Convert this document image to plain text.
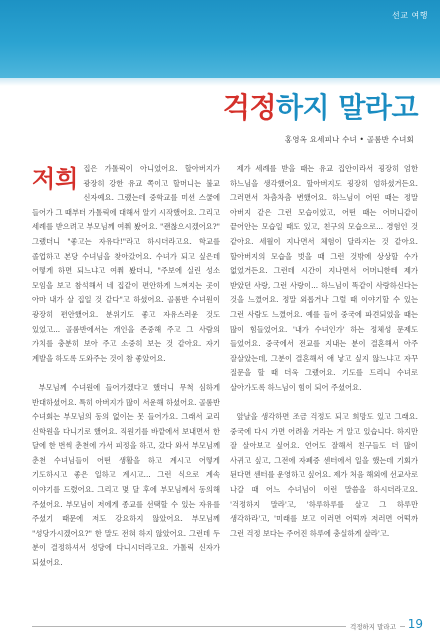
선교 여행
걱정하지 말라고
홍영옥 요세피나 수녀 • 골롬반 수녀회

저희 집은 가톨릭이 아니었어요. 할아버지가 광장히 강한 유교 쪽이고 할머니는 불교 신자예요. 그랬는데 중학교를 미션 스쿨에 들어가 그 때부터 가톨릭에 대해서 알기 시작했어요. 그리고 세례를 받으려고 부모님께 여쭤 봤어요. "괜찮으시겠어요?" 그랬더니 "좋고는 자유다!"라고 하시더라고요. 학교를 졸업하고 본당 수녀님을 찾아갔어요. 수녀가 되고 싶은데 어떻게 하면 되느냐고 여쭤 봤더니, "주보에 실린 성소 모임을 보고 참석해서 네 집같이 편안하게 느껴지는 곳이 아마 내가 살 집일 것 같다"고 하셨어요. 골롬반 수녀원이 광장히 편안했어요. 분위기도 좋고 자유스러운 것도 있었고... 골롬반에서는 개인을 존중해 주고 그 사람의 가치를 충분히 보아 주고 소중히 보는 것 같아요. 자기 계발을 하도록 도와주는 것이 참 좋았어요.

부모님께 수녀원에 들어가겠다고 했더니 무척 심하게 반대하셨어요. 특히 아버지가 많이 서운해 하셨어요. 골롬반 수녀회는 부모님의 동의 없이는 못 들어가요. 그래서 교리 신학원을 다니기로 했어요. 직원기를 바깥에서 보내면서 한 달에 한 번씩 춘천에 가서 피정을 하고, 갔다 와서 부모님께 춘천 수녀님들이 어떤 생활을 하고 계시고 어떻게 기도하시고 좋은 일하고 계시고... 그런 식으로 계속 이야기를 드렸어요. 그리고 몇 달 후에 부모님께서 동의해 주셨어요. 부모님이 저에게 종교를 선택할 수 있는 자유를 주셨기 때문에 저도 강요하지 않았어요. 부모님께 "성당가시겠어요?" 한 말도 전혀 하지 않았어요. 그런데 두 분이 결정하셔서 성당에 다니시더라고요. 가톨릭 신자가 되셨어요.

제가 세례를 받을 때는 유교 집안이라서 굉장히 엄한 하느님을 생각했어요. 할아버지도 굉장히 엄하셨거든요. 그러면서 차츰차츰 변했어요. 하느님이 어떤 때는 정말 아버지 같은 그런 모습이었고, 어떤 때는 어머니같이 끝어안는 모습일 때도 있고, 친구의 모습으로... 경험인 것 같아요. 세월이 지나면서 체험이 달라지는 것 같아요. 할아버지의 모습을 벗을 때 그런 것밖에 상상할 수가 없었거든요. 그런데 시간이 지나면서 어머니한테 제가 받았던 사랑, 그런 사랑이... 하느님이 똑같이 사랑하신다는 것을 느꼈어요. 정말 외롭거나 그럴 때 이야기할 수 있는 그런 사람도 느꼈어요. 예를 들어 중국에 파견되었을 때는 많이 힘들었어요. '내가 수녀인가' 하는 정체성 문제도 들었어요. 중국에서 전교를 지내는 분이 결혼해서 아주 잘살았는데, 그분이 결혼해서 애 낳고 싶지 않느냐고 자꾸 질문을 할 때 더욱 그랬어요. 기도를 드리니 수녀로 살아가도록 하느님이 힘이 되어 주셨어요.

앞날을 생각하면 조금 걱정도 되고 희망도 있고 그래요. 중국에 다시 가면 어려울 거라는 거 알고 있습니다. 하지만 잘 살아보고 싶어요. 언어도 잘해서 친구들도 더 많이 사귀고 싶고, 그전에 자폐증 센터에서 일을 했는데 기회가 된다면 센터를 운영하고 싶어요. 제가 처음 해외에 선교사로 나갈 때 어느 수녀님이 이런 말씀을 하시더라고요. '걱정하지 말라'고, '하루하루를 살고 그 하루만 생각하라'고, '미래를 보고 이러면 어떡까 저러면 어떡까 그런 걱정 보다는 주어진 하루에 충실하게 살라'고.

걱정하지 말라고 19
